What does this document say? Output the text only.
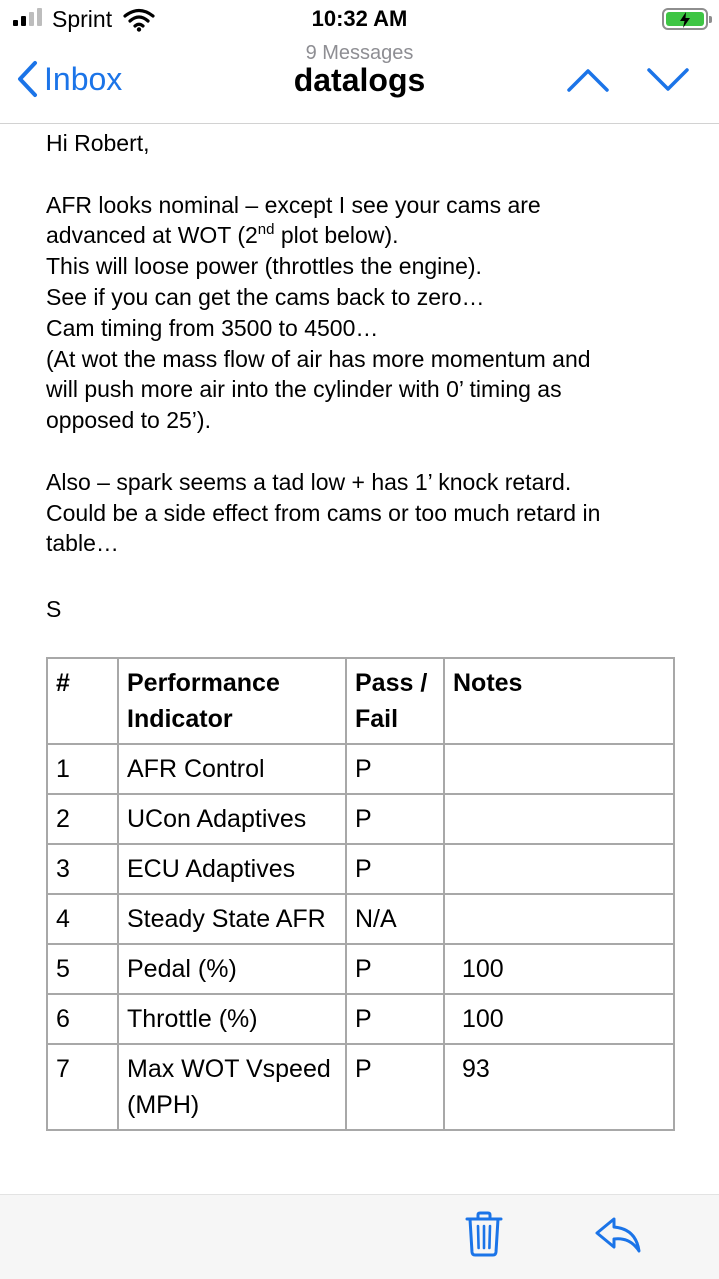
Sprint	10:32 AM
Inbox
9 Messages
datalogs

Hi Robert,

AFR looks nominal – except I see your cams are

advanced at WOT (2nd plot below).

This will loose power (throttles the engine).

See if you can get the cams back to zero…

Cam timing from 3500 to 4500…

(At wot the mass flow of air has more momentum and

will push more air into the cylinder with 0’ timing as

opposed to 25’).

Also – spark seems a tad low + has 1’ knock retard.

Could be a side effect from cams or too much retard in

table…

S

#	Performance Indicator	Pass / Fail	Notes
1	AFR Control	P	
2	UCon Adaptives	P	
3	ECU Adaptives	P	
4	Steady State AFR	N/A	
5	Pedal (%)	P	100
6	Throttle (%)	P	100
7	Max WOT Vspeed (MPH)	P	93
